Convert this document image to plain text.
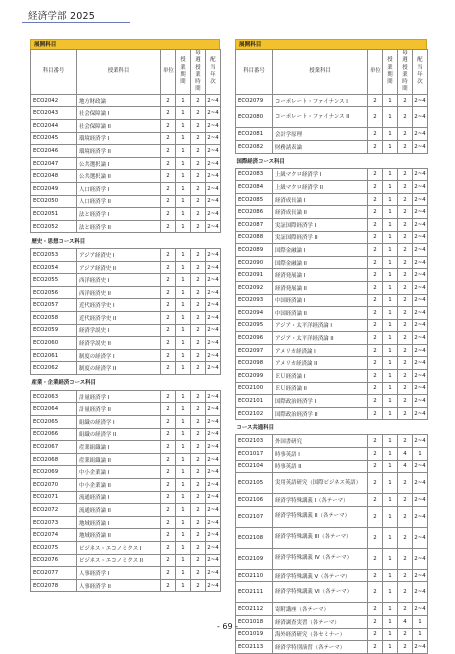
経済学部 2025
展開科目
科目番号	授業科目	単位	授業期間	毎週授業時間	配当年次
ECO2042	地方財政論	2	1	2	2~4
ECO2043	社会保障論 I	2	1	2	2~4
ECO2044	社会保障論 II	2	1	2	2~4
ECO2045	環境経済学 I	2	1	2	2~4
ECO2046	環境経済学 II	2	1	2	2~4
ECO2047	公共選択論 I	2	1	2	2~4
ECO2048	公共選択論 II	2	1	2	2~4
ECO2049	人口経済学 I	2	1	2	2~4
ECO2050	人口経済学 II	2	1	2	2~4
ECO2051	法と経済学 I	2	1	2	2~4
ECO2052	法と経済学 II	2	1	2	2~4
歴史・思想コース科目					
ECO2053	アジア経済史 I	2	1	2	2~4
ECO2054	アジア経済史 II	2	1	2	2~4
ECO2055	西洋経済史 I	2	1	2	2~4
ECO2056	西洋経済史 II	2	1	2	2~4
ECO2057	近代経済学史 I	2	1	2	2~4
ECO2058	近代経済学史 II	2	1	2	2~4
ECO2059	経済学説史 I	2	1	2	2~4
ECO2060	経済学説史 II	2	1	2	2~4
ECO2061	制度の経済学 I	2	1	2	2~4
ECO2062	制度の経済学 II	2	1	2	2~4
産業・企業経済コース科目					
ECO2063	計量経済学 I	2	1	2	2~4
ECO2064	計量経済学 II	2	1	2	2~4
ECO2065	組織の経済学 I	2	1	2	2~4
ECO2066	組織の経済学 II	2	1	2	2~4
ECO2067	産業組織論 I	2	1	2	2~4
ECO2068	産業組織論 II	2	1	2	2~4
ECO2069	中小企業論 I	2	1	2	2~4
ECO2070	中小企業論 II	2	1	2	2~4
ECO2071	流通経済論 I	2	1	2	2~4
ECO2072	流通経済論 II	2	1	2	2~4
ECO2073	地域経済論 I	2	1	2	2~4
ECO2074	地域経済論 II	2	1	2	2~4
ECO2075	ビジネス・エコノミクス I	2	1	2	2~4
ECO2076	ビジネス・エコノミクス II	2	1	2	2~4
ECO2077	人事経済学 I	2	1	2	2~4
ECO2078	人事経済学 II	2	1	2	2~4
展開科目
科目番号	授業科目	単位	授業期間	毎週授業時間	配当年次
ECO2079	コーポレート・ファイナンス I	2	1	2	2~4
ECO2080	コーポレート・ファイナンス II	2	1	2	2~4
ECO2081	会計学原理	2	1	2	2~4
ECO2082	財務諸表論	2	1	2	2~4
国際経済コース科目					
ECO2083	上級マクロ経済学 I	2	1	2	2~4
ECO2084	上級マクロ経済学 II	2	1	2	2~4
ECO2085	経済成長論 I	2	1	2	2~4
ECO2086	経済成長論 II	2	1	2	2~4
ECO2087	実証国際経済学 I	2	1	2	2~4
ECO2088	実証国際経済学 II	2	1	2	2~4
ECO2089	国際金融論 I	2	1	2	2~4
ECO2090	国際金融論 II	2	1	2	2~4
ECO2091	経済発展論 I	2	1	2	2~4
ECO2092	経済発展論 II	2	1	2	2~4
ECO2093	中国経済論 I	2	1	2	2~4
ECO2094	中国経済論 II	2	1	2	2~4
ECO2095	アジア・太平洋経済論 I	2	1	2	2~4
ECO2096	アジア・太平洋経済論 II	2	1	2	2~4
ECO2097	アメリカ経済論 I	2	1	2	2~4
ECO2098	アメリカ経済論 II	2	1	2	2~4
ECO2099	ＥＵ経済論 I	2	1	2	2~4
ECO2100	ＥＵ経済論 II	2	1	2	2~4
ECO2101	国際政治経済学 I	2	1	2	2~4
ECO2102	国際政治経済学 II	2	1	2	2~4
コース共通科目					
ECO2103	外国書研究	2	1	2	2~4
ECO1017	時事英語 I	2	1	4	1
ECO2104	時事英語 II	2	1	4	2~4
ECO2105	実用英語研究（国際ビジネス英語）	2	1	2	2~4
ECO2106	経済学特殊講義 I（各テーマ）	2	1	2	2~4
ECO2107	経済学特殊講義 II（各テーマ）	2	1	2	2~4
ECO2108	経済学特殊講義 III（各テーマ）	2	1	2	2~4
ECO2109	経済学特殊講義 IV（各テーマ）	2	1	2	2~4
ECO2110	経済学特殊講義 V（各テーマ）	2	1	2	2~4
ECO2111	経済学特殊講義 VI（各テーマ）	2	1	2	2~4
ECO2112	寄附講座（各テーマ）	2	1	2	2~4
ECO1018	経済調査実習（各テーマ）	2	1	4	1
ECO1019	海外経済研究（各セミナー）	2	1	2	1
ECO2113	経済学特別演習（各テーマ）	2	1	2	2~4
- 69 -
